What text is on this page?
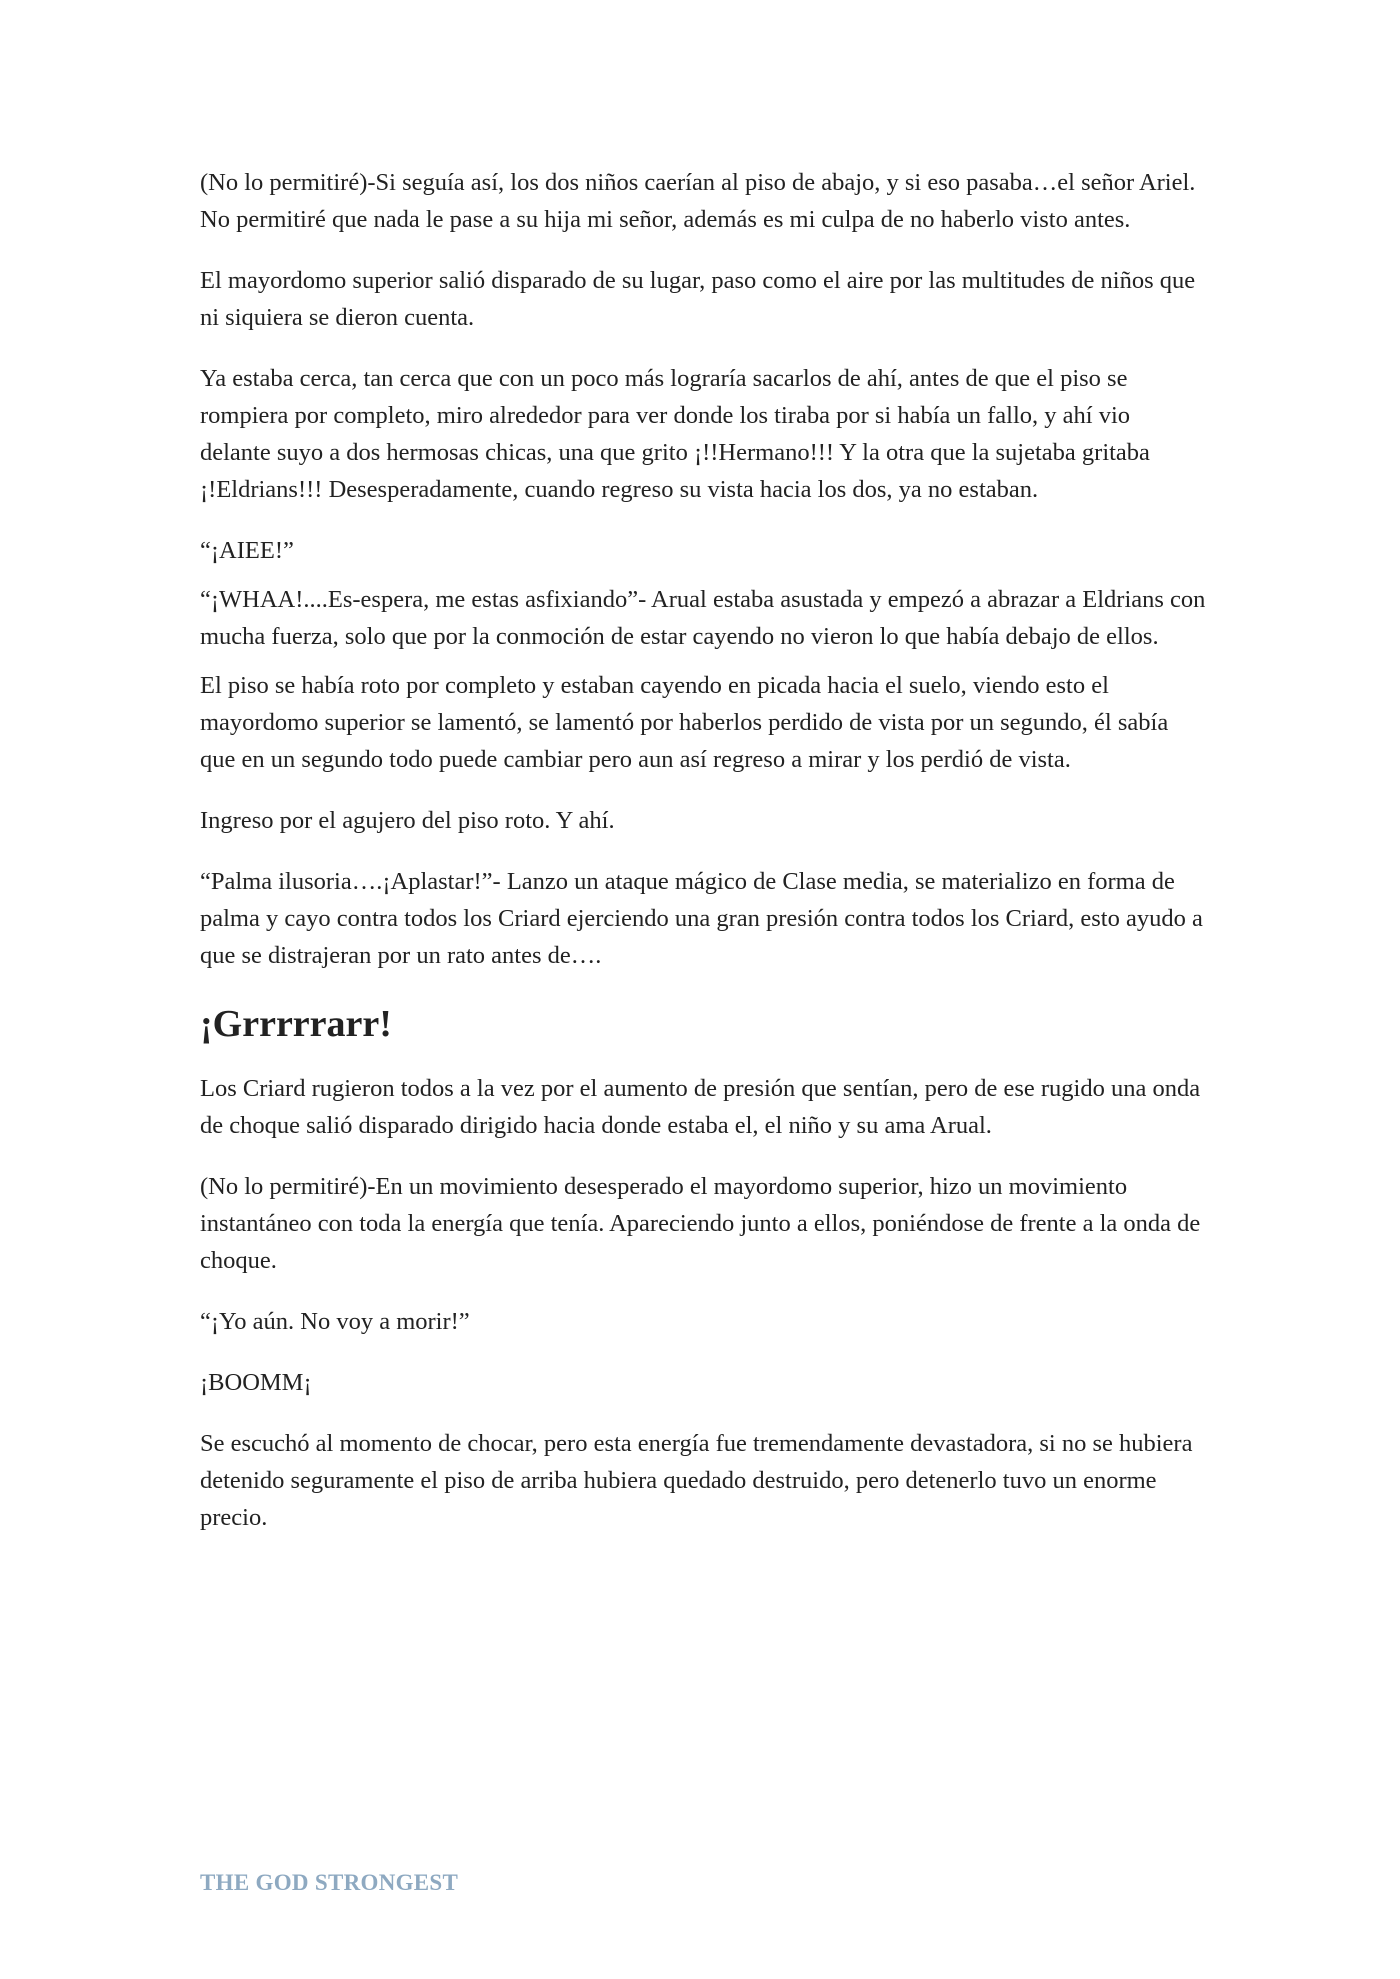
(No lo permitiré)-Si seguía así, los dos niños caerían al piso de abajo, y si eso pasaba…el señor Ariel. No permitiré que nada le pase a su hija mi señor, además es mi culpa de no haberlo visto antes.

El mayordomo superior salió disparado de su lugar, paso como el aire por las multitudes de niños que ni siquiera se dieron cuenta.

Ya estaba cerca, tan cerca que con un poco más lograría sacarlos de ahí, antes de que el piso se rompiera por completo, miro alrededor para ver donde los tiraba por si había un fallo, y ahí vio delante suyo a dos hermosas chicas, una que grito ¡!!Hermano!!! Y la otra que la sujetaba gritaba ¡!Eldrians!!! Desesperadamente, cuando regreso su vista hacia los dos, ya no estaban.

“¡AIEE!”

“¡WHAA!....Es-espera, me estas asfixiando”- Arual estaba asustada y empezó a abrazar a Eldrians con mucha fuerza, solo que por la conmoción de estar cayendo no vieron lo que había debajo de ellos.

El piso se había roto por completo y estaban cayendo en picada hacia el suelo, viendo esto el mayordomo superior se lamentó, se lamentó por haberlos perdido de vista por un segundo, él sabía que en un segundo todo puede cambiar pero aun así regreso a mirar y los perdió de vista.

Ingreso por el agujero del piso roto. Y ahí.

“Palma ilusoria….¡Aplastar!”- Lanzo un ataque mágico de Clase media, se materializo en forma de palma y cayo contra todos los Criard ejerciendo una gran presión contra todos los Criard, esto ayudo a que se distrajeran por un rato antes de….

¡Grrrrrarr!

Los Criard rugieron todos a la vez por el aumento de presión que sentían, pero de ese rugido una onda de choque salió disparado dirigido hacia donde estaba el, el niño y su ama Arual.

(No lo permitiré)-En un movimiento desesperado el mayordomo superior, hizo un movimiento instantáneo con toda la energía que tenía. Apareciendo junto a ellos, poniéndose de frente a la onda de choque.

“¡Yo aún. No voy a morir!”

¡BOOMM¡

Se escuchó al momento de chocar, pero esta energía fue tremendamente devastadora, si no se hubiera detenido seguramente el piso de arriba hubiera quedado destruido, pero detenerlo tuvo un enorme precio.

THE GOD STRONGEST
